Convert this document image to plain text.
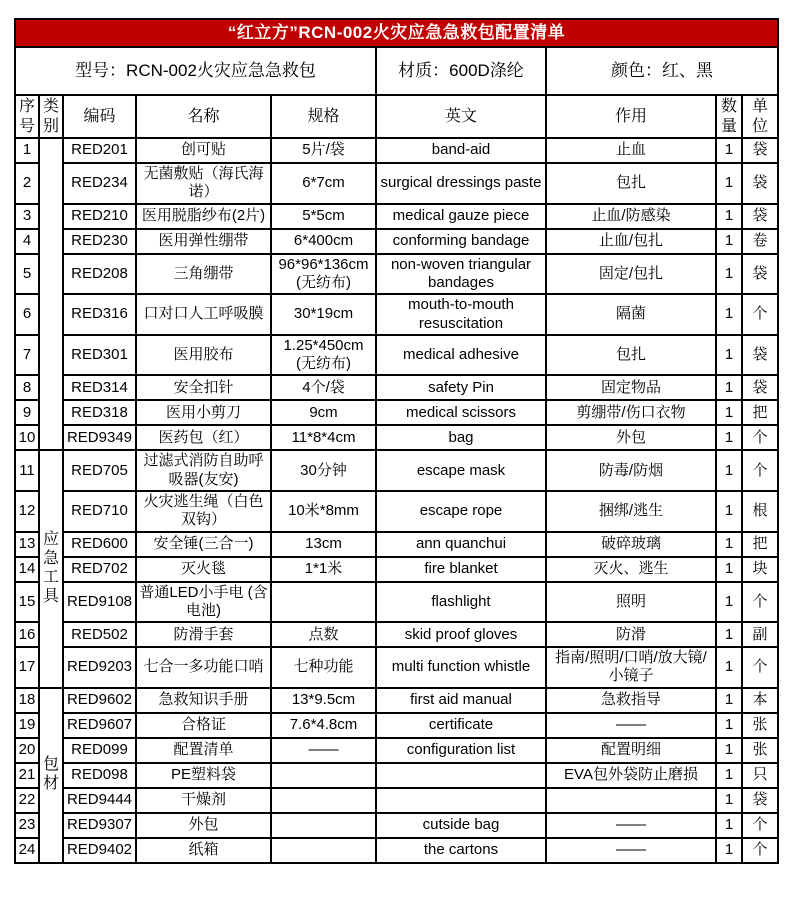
“红立方”RCN-002火灾应急急救包配置清单								
型号：RCN-002火灾应急急救包					材质：600D涤纶	颜色：红、黑		
序号	类别	编码	名称	规格	英文	作用	数量	单位
1		RED201	创可贴	5片/袋	band-aid	止血	1	袋
2		RED234	无菌敷贴（海氏海诺）	6*7cm	surgical dressings paste	包扎	1	袋
3		RED210	医用脱脂纱布(2片)	5*5cm	medical gauze piece	止血/防感染	1	袋
4		RED230	医用弹性绷带	6*400cm	conforming bandage	止血/包扎	1	卷
5		RED208	三角绷带	96*96*136cm (无纺布)	non-woven triangular bandages	固定/包扎	1	袋
6		RED316	口对口人工呼吸膜	30*19cm	mouth-to-mouth resuscitation	隔菌	1	个
7		RED301	医用胶布	1.25*450cm (无纺布)	medical adhesive	包扎	1	袋
8		RED314	安全扣针	4个/袋	safety Pin	固定物品	1	袋
9		RED318	医用小剪刀	9cm	medical scissors	剪绷带/伤口衣物	1	把
10		RED9349	医药包（红）	11*8*4cm	bag	外包	1	个
11	应急工具	RED705	过滤式消防自助呼吸器(友安)	30分钟	escape mask	防毒/防烟	1	个
12		RED710	火灾逃生绳（白色双钩）	10米*8mm	escape rope	捆绑/逃生	1	根
13		RED600	安全锤(三合一)	13cm	ann quanchui	破碎玻璃	1	把
14		RED702	灭火毯	1*1米	fire blanket	灭火、逃生	1	块
15		RED9108	普通LED小手电 (含电池)		flashlight	照明	1	个
16		RED502	防滑手套	点数	skid proof gloves	防滑	1	副
17		RED9203	七合一多功能口哨	七种功能	multi function whistle	指南/照明/口哨/放大镜/小镜子	1	个
18	包材	RED9602	急救知识手册	13*9.5cm	first aid manual	急救指导	1	本
19		RED9607	合格证	7.6*4.8cm	certificate	——	1	张
20		RED099	配置清单	——	configuration list	配置明细	1	张
21		RED098	PE塑料袋			EVA包外袋防止磨损	1	只
22		RED9444	干燥剂				1	袋
23		RED9307	外包		cutside bag	——	1	个
24		RED9402	纸箱		the cartons	——	1	个
